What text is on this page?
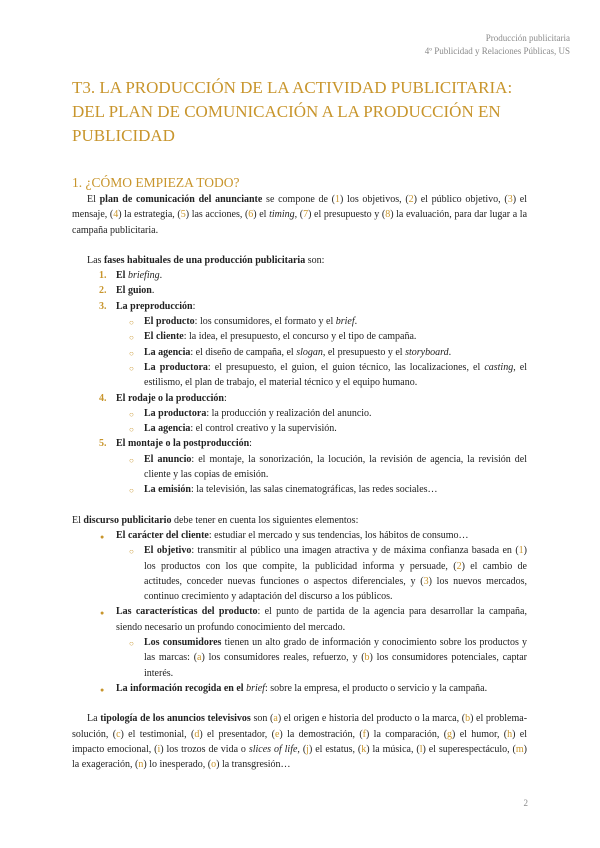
Producción publicitaria
4º Publicidad y Relaciones Públicas, US
T3. LA PRODUCCIÓN DE LA ACTIVIDAD PUBLICITARIA: DEL PLAN DE COMUNICACIÓN A LA PRODUCCIÓN EN PUBLICIDAD
1. ¿CÓMO EMPIEZA TODO?

El plan de comunicación del anunciante se compone de (1) los objetivos, (2) el público objetivo, (3) el mensaje, (4) la estrategia, (5) las acciones, (6) el timing, (7) el presupuesto y (8) la evaluación, para dar lugar a la campaña publicitaria.

Las fases habituales de una producción publicitaria son:

1. El briefing.
2. El guion.
3. La preproducción:
○ El producto: los consumidores, el formato y el brief.
○ El cliente: la idea, el presupuesto, el concurso y el tipo de campaña.
○ La agencia: el diseño de campaña, el slogan, el presupuesto y el storyboard.
○ La productora: el presupuesto, el guion, el guion técnico, las localizaciones, el casting, el estilismo, el plan de trabajo, el material técnico y el equipo humano.
4. El rodaje o la producción:
○ La productora: la producción y realización del anuncio.
○ La agencia: el control creativo y la supervisión.
5. El montaje o la postproducción:
○ El anuncio: el montaje, la sonorización, la locución, la revisión de agencia, la revisión del cliente y las copias de emisión.
○ La emisión: la televisión, las salas cinematográficas, las redes sociales…

El discurso publicitario debe tener en cuenta los siguientes elementos:

● El carácter del cliente: estudiar el mercado y sus tendencias, los hábitos de consumo…
○ El objetivo: transmitir al público una imagen atractiva y de máxima confianza basada en (1) los productos con los que compite, la publicidad informa y persuade, (2) el cambio de actitudes, conceder nuevas funciones o aspectos diferenciales, y (3) los nuevos mercados, continuo crecimiento y adaptación del discurso a los públicos.
● Las características del producto: el punto de partida de la agencia para desarrollar la campaña, siendo necesario un profundo conocimiento del mercado.
○ Los consumidores tienen un alto grado de información y conocimiento sobre los productos y las marcas: (a) los consumidores reales, refuerzo, y (b) los consumidores potenciales, captar interés.
● La información recogida en el brief: sobre la empresa, el producto o servicio y la campaña.

La tipología de los anuncios televisivos son (a) el origen e historia del producto o la marca, (b) el problema-solución, (c) el testimonial, (d) el presentador, (e) la demostración, (f) la comparación, (g) el humor, (h) el impacto emocional, (i) los trozos de vida o slices of life, (j) el estatus, (k) la música, (l) el superespectáculo, (m) la exageración, (n) lo inesperado, (o) la transgresión…

2
